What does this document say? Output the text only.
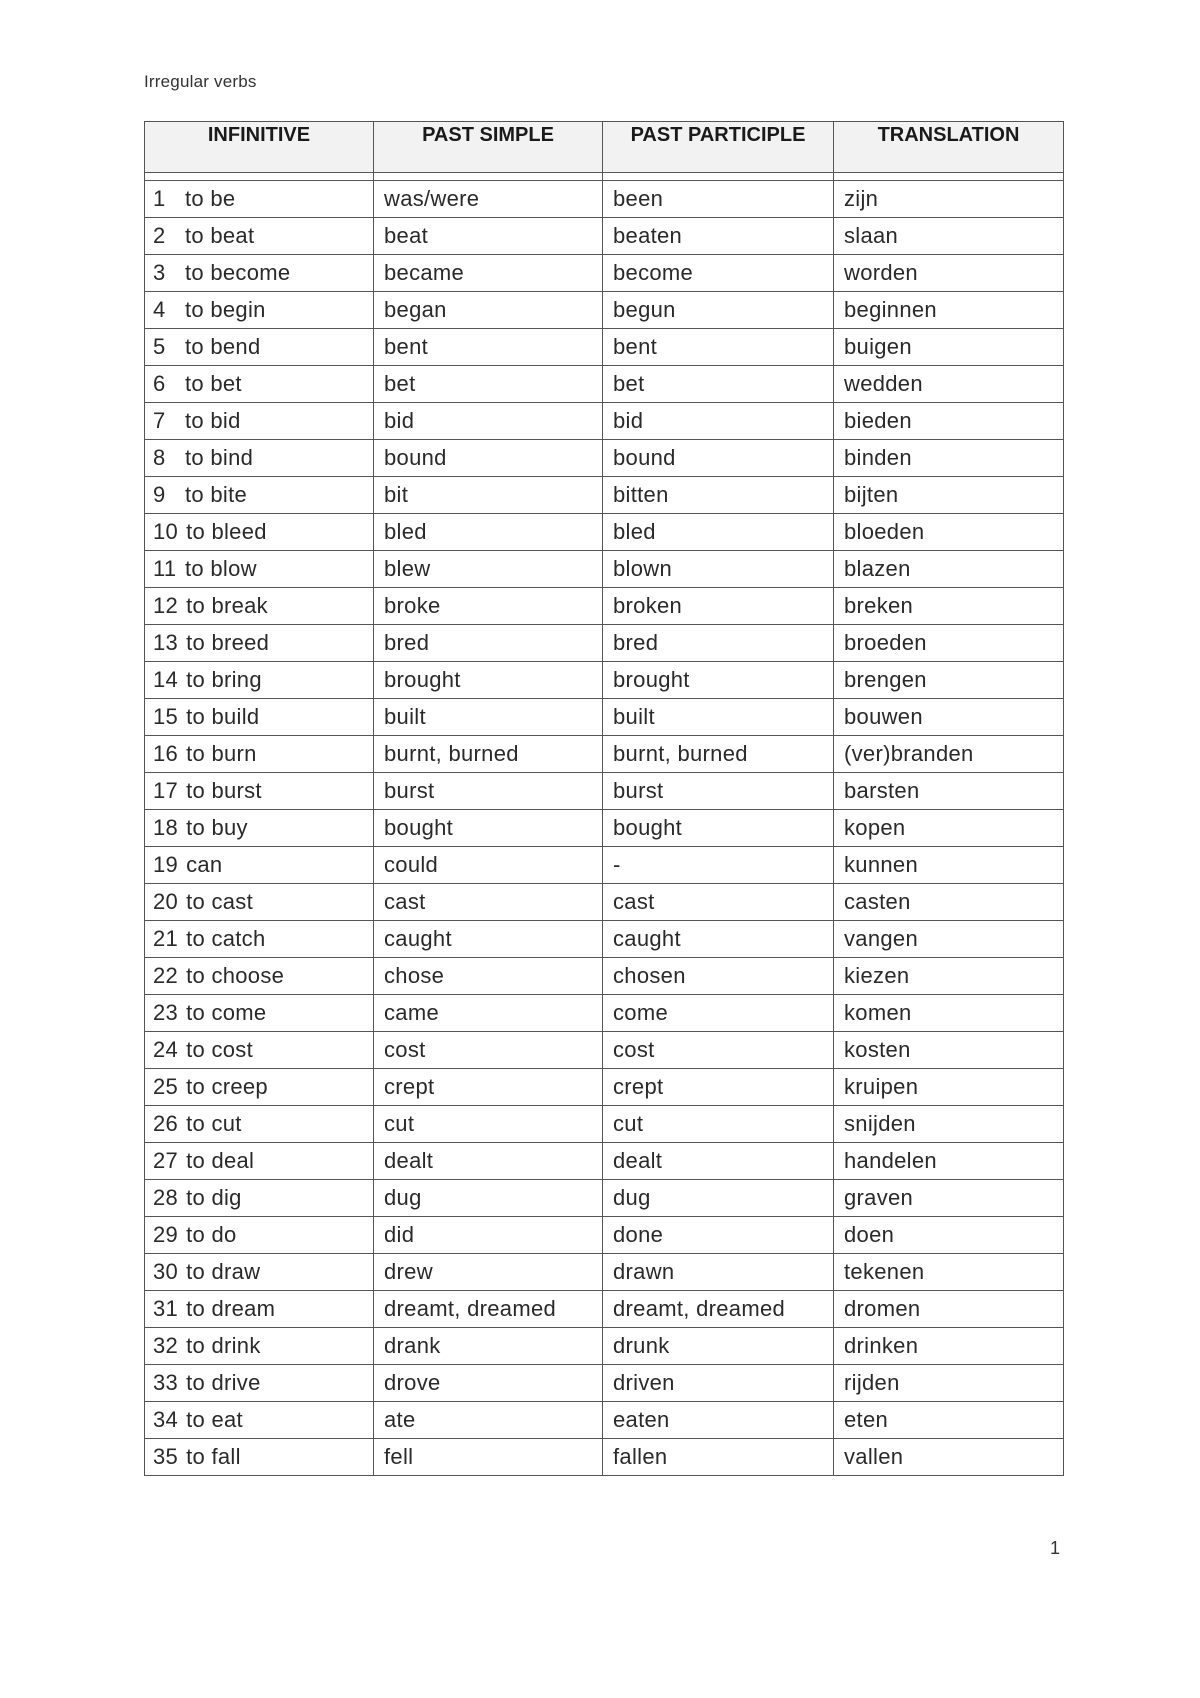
Irregular verbs
INFINITIVE	PAST SIMPLE	PAST PARTICIPLE	TRANSLATION

1 to be	was/were	been	zijn
2 to beat	beat	beaten	slaan
3 to become	became	become	worden
4 to begin	began	begun	beginnen
5 to bend	bent	bent	buigen
6 to bet	bet	bet	wedden
7 to bid	bid	bid	bieden
8 to bind	bound	bound	binden
9 to bite	bit	bitten	bijten
10 to bleed	bled	bled	bloeden
11 to blow	blew	blown	blazen
12 to break	broke	broken	breken
13 to breed	bred	bred	broeden
14 to bring	brought	brought	brengen
15 to build	built	built	bouwen
16 to burn	burnt, burned	burnt, burned	(ver)branden
17 to burst	burst	burst	barsten
18 to buy	bought	bought	kopen
19 can	could	-	kunnen
20 to cast	cast	cast	casten
21 to catch	caught	caught	vangen
22 to choose	chose	chosen	kiezen
23 to come	came	come	komen
24 to cost	cost	cost	kosten
25 to creep	crept	crept	kruipen
26 to cut	cut	cut	snijden
27 to deal	dealt	dealt	handelen
28 to dig	dug	dug	graven
29 to do	did	done	doen
30 to draw	drew	drawn	tekenen
31 to dream	dreamt, dreamed	dreamt, dreamed	dromen
32 to drink	drank	drunk	drinken
33 to drive	drove	driven	rijden
34 to eat	ate	eaten	eten
35 to fall	fell	fallen	vallen
1
